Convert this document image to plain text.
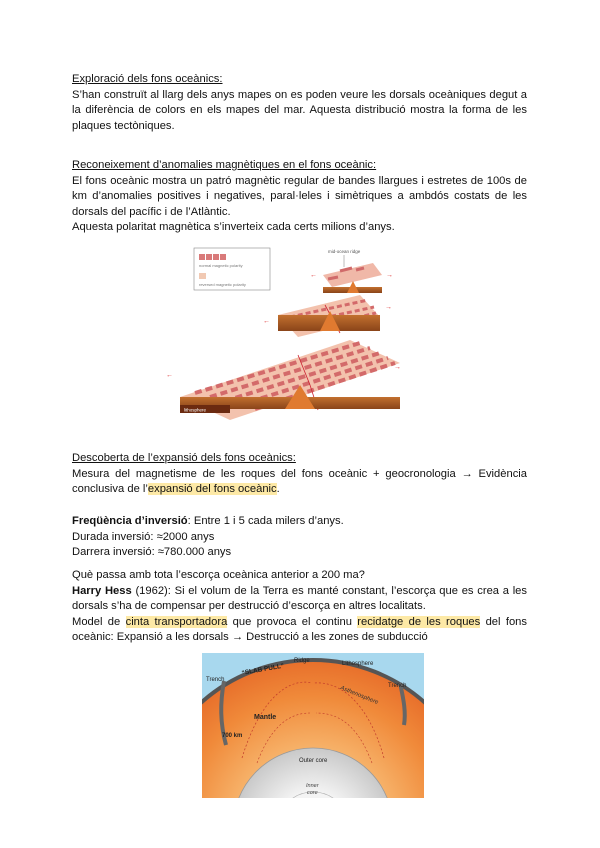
Exploració dels fons oceànics:
S’han construït al llarg dels anys mapes on es poden veure les dorsals oceàniques degut a la diferència de colors en els mapes del mar. Aquesta distribució mostra la forma de les plaques tectòniques.
Reconeixement d’anomalies magnètiques en el fons oceànic:
El fons oceànic mostra un patró magnètic regular de bandes llargues i estretes de 100s de km d’anomalies positives i negatives, paral·leles i simètriques a ambdós costats de les dorsals del pacífic i de l’Atlàntic.
Aquesta polaritat magnètica s’inverteix cada certs milions d’anys.
normal magnetic polarity
reversed magnetic polarity
mid-ocean ridge
←	→
←
→
lithosphere	magma
←
→
Descoberta de l’expansió dels fons oceànics:
Mesura del magnetisme de les roques del fons oceànic + geocronologia → Evidència conclusiva de l’expansió del fons oceànic.
Freqüència d’inversió: Entre 1 i 5 cada milers d’anys.
Durada inversió: ≈2000 anys
Darrera inversió: ≈780.000 anys
Què passa amb tota l’escorça oceànica anterior a 200 ma?
Harry Hess (1962): Si el volum de la Terra es manté constant, l’escorça que es crea a les dorsals s’ha de compensar per destrucció d’escorça en altres localitats.
Model de cinta transportadora que provoca el continu recidatge de les roques del fons oceànic: Expansió a les dorsals → Destrucció a les zones de subducció
Ridge	Lithosphere
Trench
Trench
“SLAB PULL”
Asthenosphere
Mantle
700 km
Outer core
Inner
core
